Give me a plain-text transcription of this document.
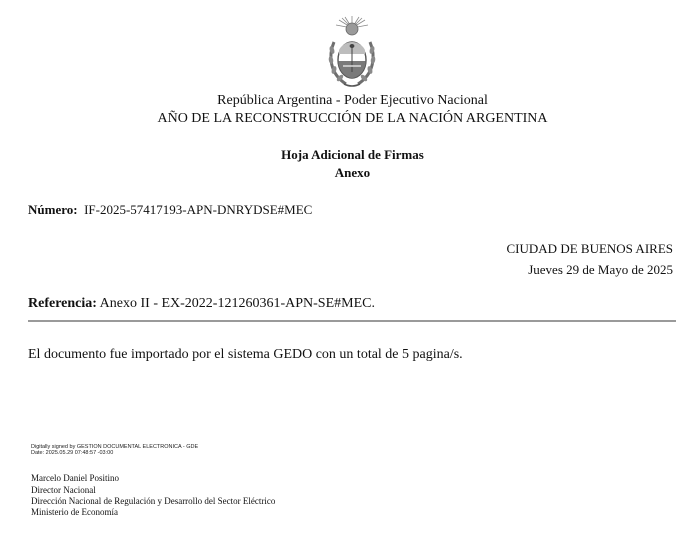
República Argentina - Poder Ejecutivo Nacional
AÑO DE LA RECONSTRUCCIÓN DE LA NACIÓN ARGENTINA
Hoja Adicional de Firmas
Anexo
Número: IF-2025-57417193-APN-DNRYDSE#MEC
CIUDAD DE BUENOS AIRES
Jueves 29 de Mayo de 2025
Referencia: Anexo II - EX-2022-121260361-APN-SE#MEC.
El documento fue importado por el sistema GEDO con un total de 5 pagina/s.
Digitally signed by GESTION DOCUMENTAL ELECTRONICA - GDE
Date: 2025.05.29 07:48:57 -03:00
Marcelo Daniel Positino
Director Nacional
Dirección Nacional de Regulación y Desarrollo del Sector Eléctrico
Ministerio de Economía
